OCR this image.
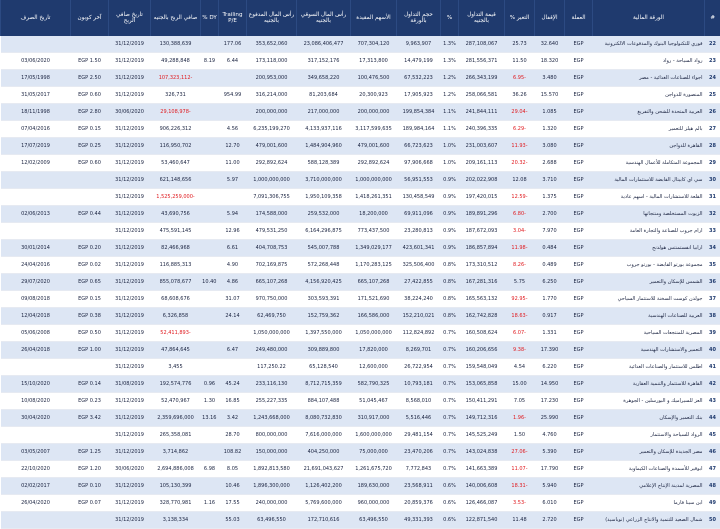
#	الورقة المالية	العملة	الإقفال	التغير %	قيمة التداول بالجنيه	%	حجم التداول بالورقة	الأسهم المقيدة	رأس المال السوقي بالجنيه	رأس المال المدفوع بالجنيه	Trailing P/E	DY %	صافي الربح بالجنيه	تاريخ صافي الربح	آخر كوبون	تاريخ الصرف
22	فوري للتكنولوجيا البنوك والمدفوعات الالكترونية	EGP	32.640	25.73	287,108,067	1.3%	9,963,907	707,304,120	23,086,406,477	353,652,060	177.06		130,388,639	31/12/2019		
23	رواد السياحة - رواد	EGP	18.320	11.50	281,556,371	1.3%	14,479,199	17,313,800	317,152,176	173,118,000	6.44	8.19	49,288,848	31/12/2019	EGP 1.50	03/06/2020
24	اجواء للصناعات الغذائية - مصر	EGP	3.480	-6.95	266,343,199	1.2%	67,532,223	100,476,500	349,658,220	200,953,000			-107,323,112	31/12/2019	EGP 2.50	17/05/1998
25	المنصورة للدواجن	EGP	15.570	36.26	258,066,581	1.2%	17,905,923	20,300,923	81,203,684	316,214,000	954.99		326,731	31/12/2019	EGP 0.60	31/05/2017
26	العربية المتحدة للشحن والتفريغ	EGP	1.085	-29.04	241,844,111	1.1%	199,854,384	200,000,000	217,000,000	200,000,000			-29,108,978	30/06/2020	EGP 2.80	18/11/1998
27	بالم هيلز للتعمير	EGP	1.320	-6.29	240,396,335	1.1%	189,984,164	3,117,599,635	4,133,937,116	6,235,199,270	4.56		906,226,312	31/12/2019	EGP 0.15	07/04/2016
28	القاهرة للدواجن	EGP	3.080	-11.93	231,003,607	1.0%	66,723,623	479,001,600	1,484,904,960	479,001,600	12.70		116,950,702	31/12/2019	EGP 0.25	17/07/2019
29	المجموعة المتكاملة للأعمال الهندسية	EGP	2.688	-20.32	209,161,113	1.0%	97,906,668	292,892,624	588,128,389	292,892,624	11.00		53,460,647	31/12/2019	EGP 0.60	12/02/2009
30	سي اي كابيتال القابضة للاستثمارات المالية	EGP	3.710	12.08	202,022,908	0.9%	56,951,553	1,000,000,000	3,710,000,000	1,000,000,000	5.97		621,148,656	31/12/2019		
31	القلعة للاستشارات المالية - اسهم عادية	EGP	1.375	-12.59	197,420,015	0.9%	130,458,549	1,418,261,351	1,950,109,358	7,091,306,755			-1,525,259,000	31/12/2019		
32	الزيوت المستخلصة ومنتجاتها	EGP	2.700	-6.80	189,891,296	0.9%	69,911,096	18,200,000	259,532,000	174,588,000	5.94		43,690,756	31/12/2019	EGP 0.44	02/06/2013
33	ارام جروب للصناعة والتجارة العامة	EGP	7.970	-3.04	187,672,093	0.9%	23,280,813	773,437,500	6,164,296,875	479,531,250	12.96		475,591,145	31/12/2019		
34	ارابيا انفستمنتس هولدنج	EGP	0.484	-11.98	186,857,894	0.9%	423,601,341	1,349,029,177	545,007,788	404,708,753	6.61		82,466,968	31/12/2019	EGP 0.20	30/01/2014
35	مجموعة بورتو القابضة - بورتو جروب	EGP	0.489	-8.26	173,310,512	0.8%	325,506,400	1,170,283,125	572,268,448	702,169,875	4.90		116,885,313	31/12/2019	EGP 0.02	24/04/2016
36	الشمس للإسكان والتعمير	EGP	6.250	5.75	167,281,316	0.8%	27,422,855	665,107,268	4,156,920,425	665,107,268	4.86	10.40	855,078,677	31/12/2019	EGP 0.65	29/07/2020
37	جولدن كوست السخنة للاستثمار السياحي	EGP	1.770	-92.95	165,563,132	0.8%	38,224,240	171,521,690	303,593,391	970,750,000	31.07		68,608,676	31/12/2019	EGP 0.15	09/08/2018
38	العربية للصناعات الهندسية	EGP	0.917	-18.63	162,742,828	0.8%	152,210,021	166,586,000	152,759,362	62,469,750	24.14		6,326,858	31/12/2019	EGP 0.38	12/04/2018
39	المصرية للمنتجعات السياحية	EGP	1.331	-6.07	160,508,624	0.7%	112,824,892	1,050,000,000	1,397,550,000	1,050,000,000			-52,411,893	31/12/2019	EGP 0.50	05/06/2008
40	التعمير والاستشارات الهندسية	EGP	17.390	-9.38	160,206,656	0.7%	8,269,701	17,820,000	309,889,800	249,480,000	6.47		47,864,645	31/12/2019	EGP 1.00	26/04/2018
41	اطلس للاستثمار والصناعات الغذائية	EGP	6.220	4.54	159,548,049	0.7%	26,722,954	12,600,000	65,128,540	117,250.22			3,455	31/12/2019		
42	القاهرة للاستثمار والتنمية العقارية	EGP	14.950	15.00	153,065,858	0.7%	10,793,181	582,790,325	8,712,715,359	233,116,130	45.24	0.96	192,574,776	31/08/2019	EGP 0.14	15/10/2020
43	العز للسيراميك و البورسلين - الجوهرة	EGP	17.230	7.05	150,411,291	0.7%	8,568,010	51,045,467	884,107,488	255,227,335	16.85	1.30	52,470,967	31/12/2019	EGP 0.23	10/08/2020
44	بنك التعمير والإسكان	EGP	25.990	-1.96	149,712,316	0.7%	5,516,446	310,917,000	8,080,732,830	1,243,668,000	3.42	13.16	2,359,696,000	31/12/2019	EGP 3.42	30/04/2020
45	الرواد للسياحة والاستثمار	EGP	4.760	1.50	145,525,249	0.7%	29,481,154	1,600,000,000	7,616,000,000	800,000,000	28.70		265,358,081	31/12/2019		
46	مصر الجديدة للإسكان والتعمير	EGP	5.390	-27.06	143,024,838	0.7%	23,470,206	75,000,000	404,250,000	150,000,000	108.82		3,714,862	31/12/2019	EGP 1.25	03/05/2007
47	ابوقير للأسمدة والصناعات الكيماوية	EGP	17.790	-11.07	141,663,389	0.7%	7,772,843	1,261,675,720	21,691,043,627	1,892,813,580	8.05	6.98	2,694,886,008	30/06/2020	EGP 1.20	22/10/2020
48	المصرية لمدينة الإنتاج الإعلامي	EGP	5.940	-18.31	140,006,608	0.6%	23,568,911	189,630,000	1,126,402,200	1,896,300,000	10.46		105,130,399	31/12/2019	EGP 0.10	02/02/2017
49	ابن سينا فارما	EGP	6.010	-3.53	126,466,087	0.6%	20,859,376	960,000,000	5,769,600,000	240,000,000	17.55	1.16	328,770,981	31/12/2019	EGP 0.07	26/04/2020
50	شمال الصعيد للتنمية والانتاج الزراعي (نوباسيد)	EGP	2.720	11.48	122,871,540	0.6%	49,331,393	63,496,550	172,710,616	63,496,550	55.03		3,138,334	31/12/2019		
